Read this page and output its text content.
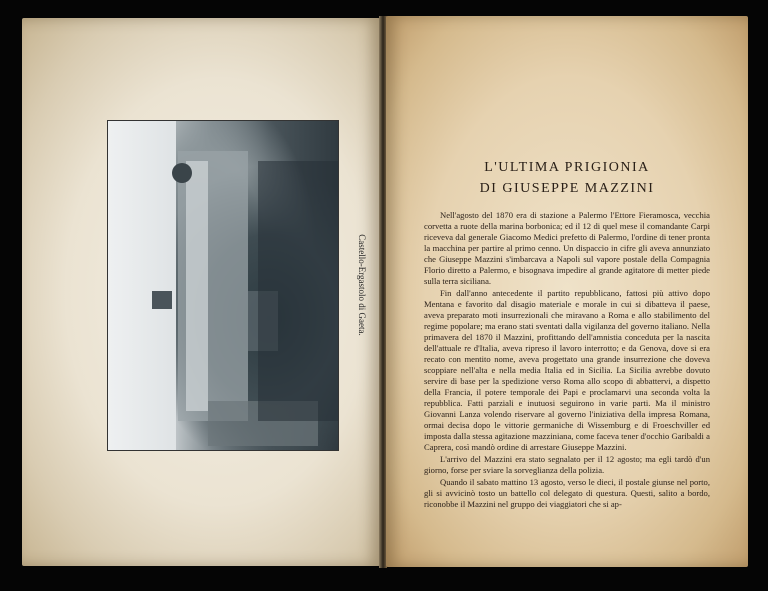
Castello-Ergastolo di Gaeta.
L'ULTIMA PRIGIONIA
DI GIUSEPPE MAZZINI

Nell'agosto del 1870 era di stazione a Palermo l'Ettore Fieramosca, vecchia corvetta a ruote della marina borbonica; ed il 12 di quel mese il comandante Carpi riceveva dal generale Giacomo Medici prefetto di Palermo, l'ordine di tener pronta la macchina per partire al primo cenno. Un dispaccio in cifre gli aveva annunziato che Giuseppe Mazzini s'imbarcava a Napoli sul vapore postale della Compagnia Florio diretto a Palermo, e bisognava impedire al grande agitatore di metter piede sulla terra siciliana.

Fin dall'anno antecedente il partito repubblicano, fattosi più attivo dopo Mentana e favorito dal disagio materiale e morale in cui si dibatteva il paese, aveva preparato moti insurrezionali che miravano a Roma e allo stabilimento del regime popolare; ma erano stati sventati dalla vigilanza del governo italiano. Nella primavera del 1870 il Mazzini, profittando dell'amnistia conceduta per la nascita dell'attuale re d'Italia, aveva ripreso il lavoro interrotto; e da Genova, dove si era recato con mentito nome, aveva progettato una grande insurrezione che doveva scoppiare nell'alta e nella media Italia ed in Sicilia. La Sicilia avrebbe dovuto servire di base per la spedizione verso Roma allo scopo di abbattervi, a dispetto della Francia, il potere temporale dei Papi e proclamarvi una seconda volta la repubblica. Fatti parziali e inutuosi seguirono in varie parti. Ma il ministro Giovanni Lanza volendo riservare al governo l'iniziativa della impresa Romana, ormai decisa dopo le vittorie germaniche di Wissemburg e di Froeschviller ed imposta dalla stessa agitazione mazziniana, come faceva tener d'occhio Garibaldi a Caprera, così mandò ordine di arrestare Giuseppe Mazzini.

L'arrivo del Mazzini era stato segnalato per il 12 agosto; ma egli tardò d'un giorno, forse per sviare la sorveglianza della polizia.

Quando il sabato mattino 13 agosto, verso le dieci, il postale giunse nel porto, gli si avvicinò tosto un battello col delegato di questura. Questi, salito a bordo, riconobbe il Mazzini nel gruppo dei viaggiatori che si ap-
